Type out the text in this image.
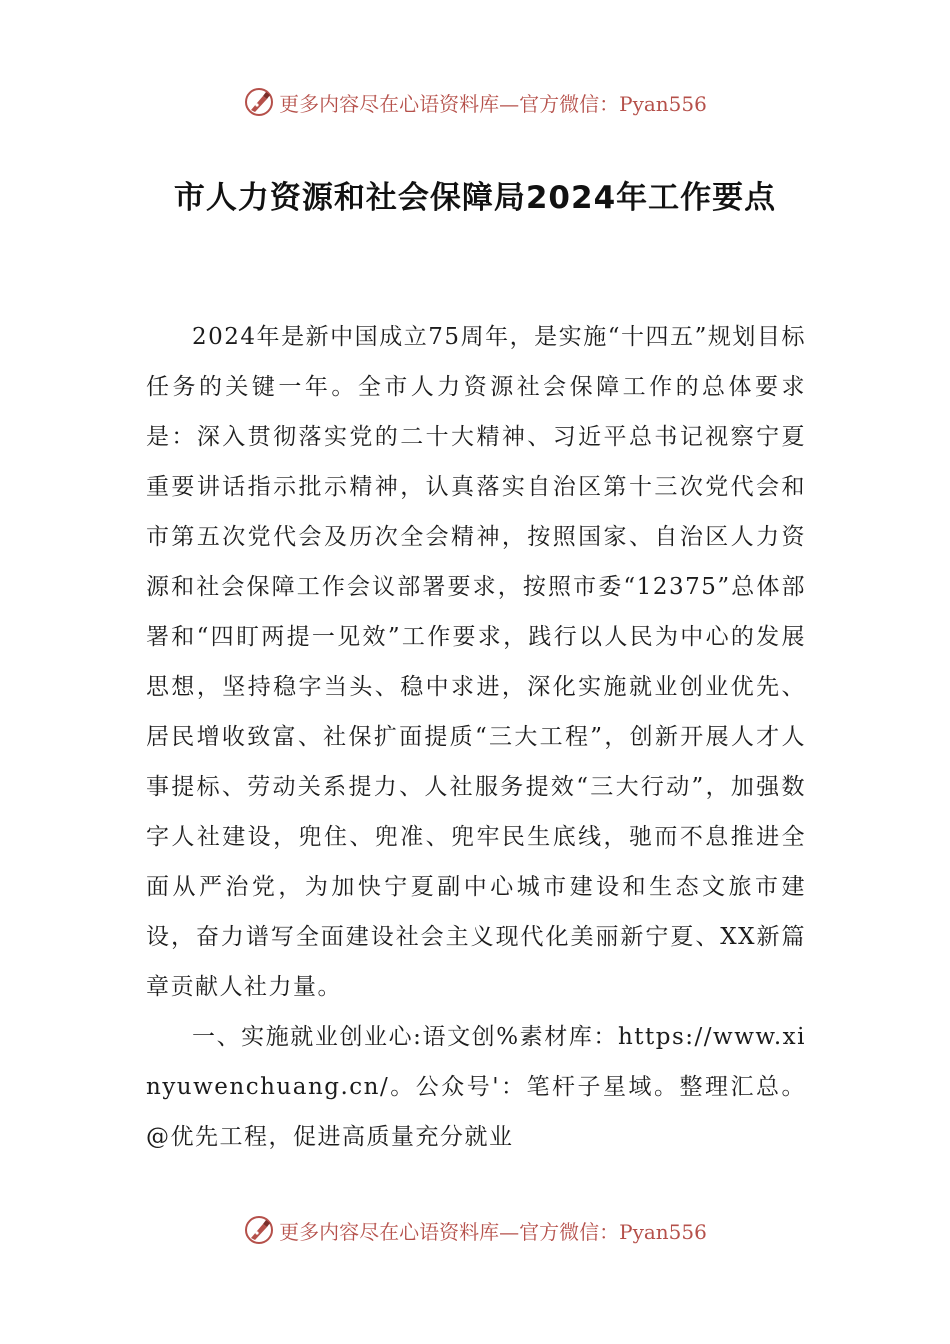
更多内容尽在心语资料库—官方微信：Pyan556
市人力资源和社会保障局2024年工作要点

2024年是新中国成立75周年，是实施“十四五”规划目标任务的关键一年。全市人力资源社会保障工作的总体要求是：深入贯彻落实党的二十大精神、习近平总书记视察宁夏重要讲话指示批示精神，认真落实自治区第十三次党代会和市第五次党代会及历次全会精神，按照国家、自治区人力资源和社会保障工作会议部署要求，按照市委“12375”总体部署和“四盯两提一见效”工作要求，践行以人民为中心的发展思想，坚持稳字当头、稳中求进，深化实施就业创业优先、居民增收致富、社保扩面提质“三大工程”，创新开展人才人事提标、劳动关系提力、人社服务提效“三大行动”，加强数字人社建设，兜住、兜准、兜牢民生底线，驰而不息推进全面从严治党，为加快宁夏副中心城市建设和生态文旅市建设，奋力谱写全面建设社会主义现代化美丽新宁夏、XX新篇章贡献人社力量。

一、实施就业创业心:语文创%素材库：https://www.xinyuwenchuang.cn/。公众号'：笔杆子星域。整理汇总。@优先工程，促进高质量充分就业

更多内容尽在心语资料库—官方微信：Pyan556
